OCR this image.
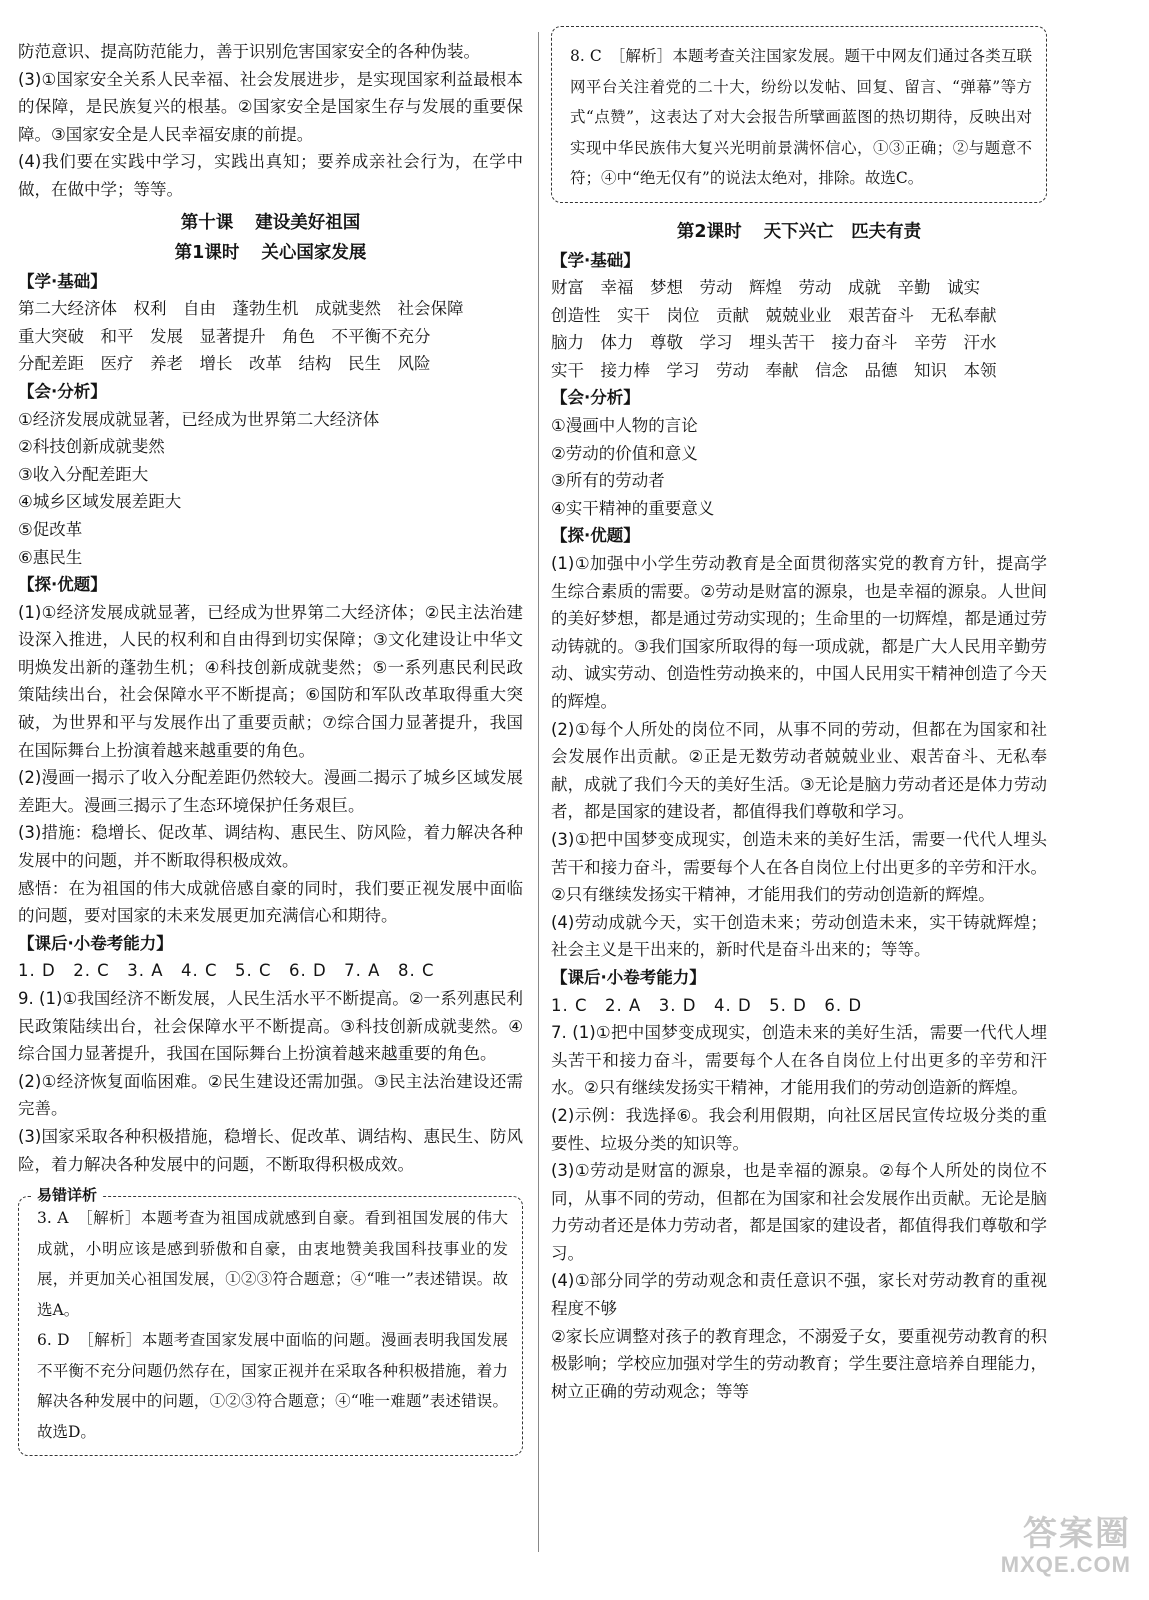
防范意识、提高防范能力，善于识别危害国家安全的各种伪装。

(3)①国家安全关系人民幸福、社会发展进步，是实现国家利益最根本的保障，是民族复兴的根基。②国家安全是国家生存与发展的重要保障。③国家安全是人民幸福安康的前提。

(4)我们要在实践中学习，实践出真知；要养成亲社会行为，在学中做，在做中学；等等。

第十课 建设美好祖国

第1课时 关心国家发展

【学·基础】

第二大经济体　权利　自由　蓬勃生机　成就斐然　社会保障

重大突破　和平　发展　显著提升　角色　不平衡不充分

分配差距　医疗　养老　增长　改革　结构　民生　风险

【会·分析】

①经济发展成就显著，已经成为世界第二大经济体

②科技创新成就斐然

③收入分配差距大

④城乡区域发展差距大

⑤促改革

⑥惠民生

【探·优题】

(1)①经济发展成就显著，已经成为世界第二大经济体；②民主法治建设深入推进，人民的权利和自由得到切实保障；③文化建设让中华文明焕发出新的蓬勃生机；④科技创新成就斐然；⑤一系列惠民利民政策陆续出台，社会保障水平不断提高；⑥国防和军队改革取得重大突破，为世界和平与发展作出了重要贡献；⑦综合国力显著提升，我国在国际舞台上扮演着越来越重要的角色。

(2)漫画一揭示了收入分配差距仍然较大。漫画二揭示了城乡区域发展差距大。漫画三揭示了生态环境保护任务艰巨。

(3)措施：稳增长、促改革、调结构、惠民生、防风险，着力解决各种发展中的问题，并不断取得积极成效。

感悟：在为祖国的伟大成就倍感自豪的同时，我们要正视发展中面临的问题，要对国家的未来发展更加充满信心和期待。

【课后·小卷考能力】

1. D　2. C　3. A　4. C　5. C　6. D　7. A　8. C

9. (1)①我国经济不断发展，人民生活水平不断提高。②一系列惠民利民政策陆续出台，社会保障水平不断提高。③科技创新成就斐然。④综合国力显著提升，我国在国际舞台上扮演着越来越重要的角色。

(2)①经济恢复面临困难。②民生建设还需加强。③民主法治建设还需完善。

(3)国家采取各种积极措施，稳增长、促改革、调结构、惠民生、防风险，着力解决各种发展中的问题，不断取得积极成效。

易错详析

3. A　［解析］本题考查为祖国成就感到自豪。看到祖国发展的伟大成就，小明应该是感到骄傲和自豪，由衷地赞美我国科技事业的发展，并更加关心祖国发展，①②③符合题意；④“唯一”表述错误。故选A。

6. D　［解析］本题考查国家发展中面临的问题。漫画表明我国发展不平衡不充分问题仍然存在，国家正视并在采取各种积极措施，着力解决各种发展中的问题，①②③符合题意；④“唯一难题”表述错误。故选D。

8. C　［解析］本题考查关注国家发展。题干中网友们通过各类互联网平台关注着党的二十大，纷纷以发帖、回复、留言、“弹幕”等方式“点赞”，这表达了对大会报告所擘画蓝图的热切期待，反映出对实现中华民族伟大复兴光明前景满怀信心，①③正确；②与题意不符；④中“绝无仅有”的说法太绝对，排除。故选C。

第2课时 天下兴亡　匹夫有责

【学·基础】

财富　幸福　梦想　劳动　辉煌　劳动　成就　辛勤　诚实

创造性　实干　岗位　贡献　兢兢业业　艰苦奋斗　无私奉献

脑力　体力　尊敬　学习　埋头苦干　接力奋斗　辛劳　汗水

实干　接力棒　学习　劳动　奉献　信念　品德　知识　本领

【会·分析】

①漫画中人物的言论

②劳动的价值和意义

③所有的劳动者

④实干精神的重要意义

【探·优题】

(1)①加强中小学生劳动教育是全面贯彻落实党的教育方针，提高学生综合素质的需要。②劳动是财富的源泉，也是幸福的源泉。人世间的美好梦想，都是通过劳动实现的；生命里的一切辉煌，都是通过劳动铸就的。③我们国家所取得的每一项成就，都是广大人民用辛勤劳动、诚实劳动、创造性劳动换来的，中国人民用实干精神创造了今天的辉煌。

(2)①每个人所处的岗位不同，从事不同的劳动，但都在为国家和社会发展作出贡献。②正是无数劳动者兢兢业业、艰苦奋斗、无私奉献，成就了我们今天的美好生活。③无论是脑力劳动者还是体力劳动者，都是国家的建设者，都值得我们尊敬和学习。

(3)①把中国梦变成现实，创造未来的美好生活，需要一代代人埋头苦干和接力奋斗，需要每个人在各自岗位上付出更多的辛劳和汗水。②只有继续发扬实干精神，才能用我们的劳动创造新的辉煌。

(4)劳动成就今天，实干创造未来；劳动创造未来，实干铸就辉煌；社会主义是干出来的，新时代是奋斗出来的；等等。

【课后·小卷考能力】

1. C　2. A　3. D　4. D　5. D　6. D

7. (1)①把中国梦变成现实，创造未来的美好生活，需要一代代人埋头苦干和接力奋斗，需要每个人在各自岗位上付出更多的辛劳和汗水。②只有继续发扬实干精神，才能用我们的劳动创造新的辉煌。

(2)示例：我选择⑥。我会利用假期，向社区居民宣传垃圾分类的重要性、垃圾分类的知识等。

(3)①劳动是财富的源泉，也是幸福的源泉。②每个人所处的岗位不同，从事不同的劳动，但都在为国家和社会发展作出贡献。无论是脑力劳动者还是体力劳动者，都是国家的建设者，都值得我们尊敬和学习。

(4)①部分同学的劳动观念和责任意识不强，家长对劳动教育的重视程度不够

②家长应调整对孩子的教育理念，不溺爱子女，要重视劳动教育的积极影响；学校应加强对学生的劳动教育；学生要注意培养自理能力，树立正确的劳动观念；等等

答案圈
MXQE.COM
